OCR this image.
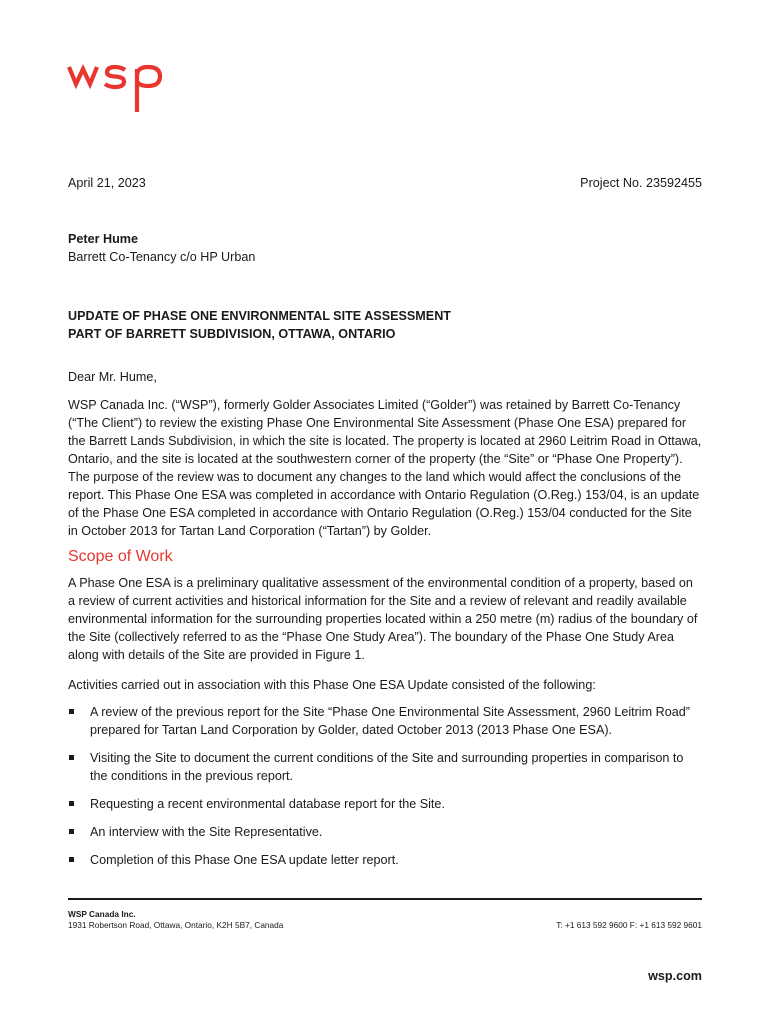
April 21, 2023	Project No. 23592455
Peter Hume
Barrett Co-Tenancy c/o HP Urban
UPDATE OF PHASE ONE ENVIRONMENTAL SITE ASSESSMENT
PART OF BARRETT SUBDIVISION, OTTAWA, ONTARIO
Dear Mr. Hume,
WSP Canada Inc. (“WSP”), formerly Golder Associates Limited (“Golder”) was retained by Barrett Co-Tenancy
(“The Client”) to review the existing Phase One Environmental Site Assessment (Phase One ESA) prepared for
the Barrett Lands Subdivision, in which the site is located. The property is located at 2960 Leitrim Road in Ottawa,
Ontario, and the site is located at the southwestern corner of the property (the “Site” or “Phase One Property”).
The purpose of the review was to document any changes to the land which would affect the conclusions of the
report. This Phase One ESA was completed in accordance with Ontario Regulation (O.Reg.) 153/04, is an update
of the Phase One ESA completed in accordance with Ontario Regulation (O.Reg.) 153/04 conducted for the Site
in October 2013 for Tartan Land Corporation (“Tartan”) by Golder.
Scope of Work
A Phase One ESA is a preliminary qualitative assessment of the environmental condition of a property, based on
a review of current activities and historical information for the Site and a review of relevant and readily available
environmental information for the surrounding properties located within a 250 metre (m) radius of the boundary of
the Site (collectively referred to as the “Phase One Study Area”). The boundary of the Phase One Study Area
along with details of the Site are provided in Figure 1.
Activities carried out in association with this Phase One ESA Update consisted of the following:
A review of the previous report for the Site “Phase One Environmental Site Assessment, 2960 Leitrim Road”
prepared for Tartan Land Corporation by Golder, dated October 2013 (2013 Phase One ESA).
Visiting the Site to document the current conditions of the Site and surrounding properties in comparison to
the conditions in the previous report.
Requesting a recent environmental database report for the Site.
An interview with the Site Representative.
Completion of this Phase One ESA update letter report.
WSP Canada Inc.
1931 Robertson Road, Ottawa, Ontario, K2H 5B7, Canada	T: +1 613 592 9600 F: +1 613 592 9601
wsp.com
